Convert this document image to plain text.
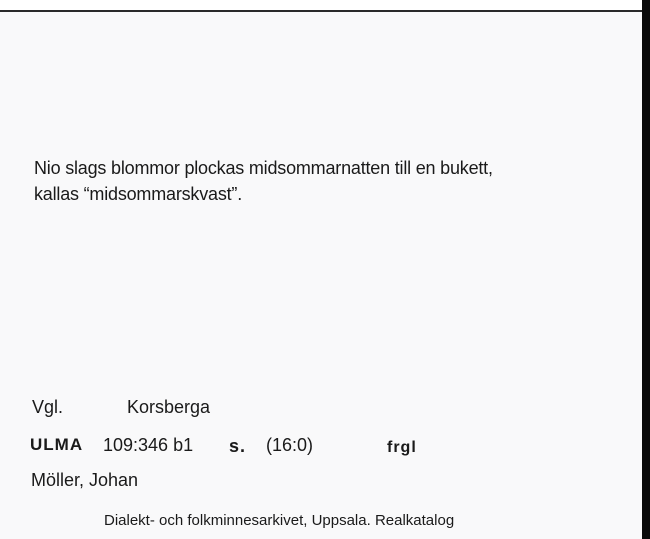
Nio slags blommor plockas midsommarnatten till en bukett,
kallas “midsommarskvast”.
Vgl.	Korsberga
ULMA 109:346 b1 s. (16:0)	frgl
Möller, Johan
Dialekt- och folkminnesarkivet, Uppsala. Realkatalog
